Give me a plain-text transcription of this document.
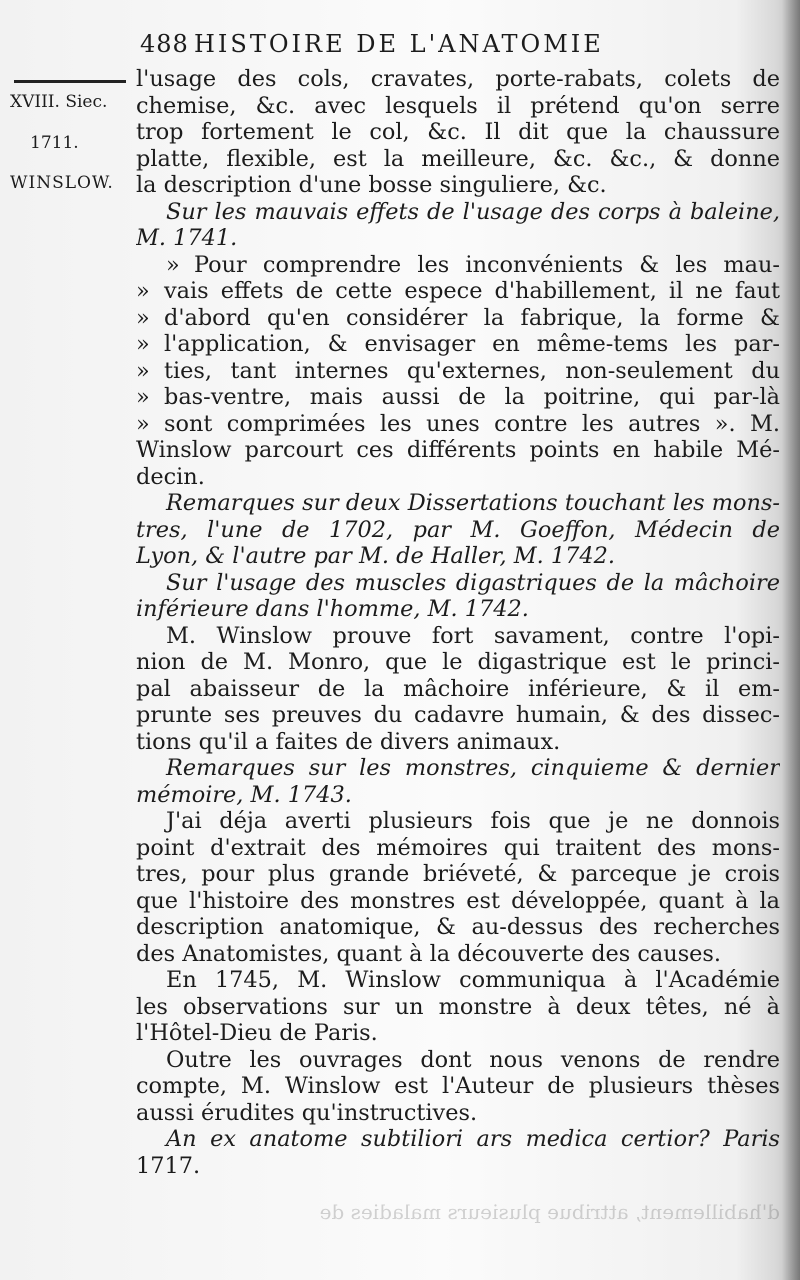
488 HISTOIRE DE L'ANATOMIE
XVIII. Siec.
1711.
WINSLOW.
l'usage des cols, cravates, porte-rabats, colets de
chemise, &c. avec lesquels il prétend qu'on serre
trop fortement le col, &c. Il dit que la chaussure
platte, flexible, est la meilleure, &c. &c., & donne
la description d'une bosse singuliere, &c.
Sur les mauvais effets de l'usage des corps à baleine,
M. 1741.
» Pour comprendre les inconvénients & les mau-
» vais effets de cette espece d'habillement, il ne faut
» d'abord qu'en considérer la fabrique, la forme &
» l'application, & envisager en même-tems les par-
» ties, tant internes qu'externes, non-seulement du
» bas-ventre, mais aussi de la poitrine, qui par-là
» sont comprimées les unes contre les autres ». M.
Winslow parcourt ces différents points en habile Mé-
decin.
Remarques sur deux Dissertations touchant les mons-
tres, l'une de 1702, par M. Goeffon, Médecin de
Lyon, & l'autre par M. de Haller, M. 1742.
Sur l'usage des muscles digastriques de la mâchoire
inférieure dans l'homme, M. 1742.
M. Winslow prouve fort savament, contre l'opi-
nion de M. Monro, que le digastrique est le princi-
pal abaisseur de la mâchoire inférieure, & il em-
prunte ses preuves du cadavre humain, & des dissec-
tions qu'il a faites de divers animaux.
Remarques sur les monstres, cinquieme & dernier
mémoire, M. 1743.
J'ai déja averti plusieurs fois que je ne donnois
point d'extrait des mémoires qui traitent des mons-
tres, pour plus grande briéveté, & parceque je crois
que l'histoire des monstres est développée, quant à la
description anatomique, & au-dessus des recherches
des Anatomistes, quant à la découverte des causes.
En 1745, M. Winslow communiqua à l'Académie
les observations sur un monstre à deux têtes, né à
l'Hôtel-Dieu de Paris.
Outre les ouvrages dont nous venons de rendre
compte, M. Winslow est l'Auteur de plusieurs thèses
aussi érudites qu'instructives.
An ex anatome subtiliori ars medica certior? Paris
1717.
d'habillement, attribue plusieurs maladies de
